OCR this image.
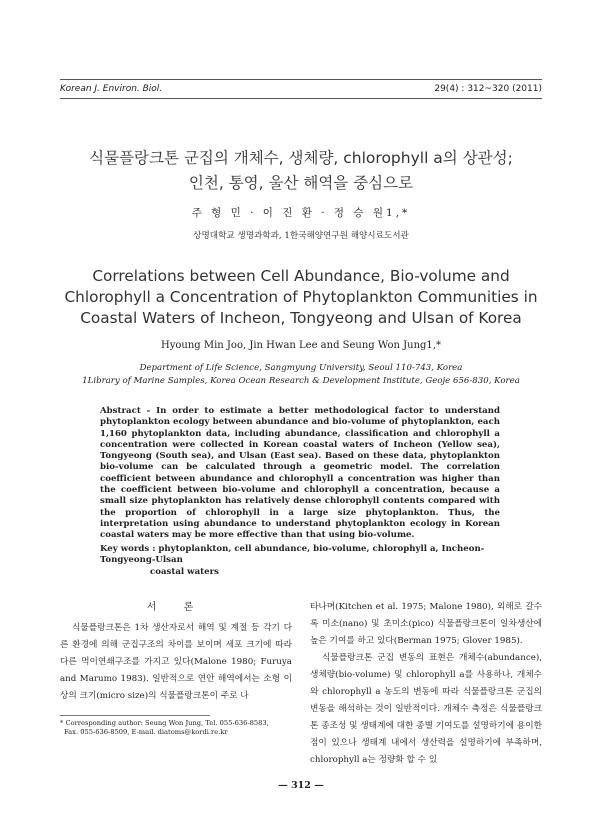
Korean J. Environ. Biol.	29(4) : 312~320 (2011)
식물플랑크톤 군집의 개체수, 생체량, chlorophyll a의 상관성;
인천, 통영, 울산 해역을 중심으로
주 형 민 · 이 진 환 · 정 승 원1,*
상명대학교 생명과학과, 1한국해양연구원 해양시료도서관
Correlations between Cell Abundance, Bio-volume and
Chlorophyll a Concentration of Phytoplankton Communities in
Coastal Waters of Incheon, Tongyeong and Ulsan of Korea
Hyoung Min Joo, Jin Hwan Lee and Seung Won Jung1,*
Department of Life Science, Sangmyung University, Seoul 110-743, Korea
1Library of Marine Samples, Korea Ocean Research & Development Institute, Geoje 656-830, Korea
Abstract - In order to estimate a better methodological factor to understand phytoplankton ecology between abundance and bio-volume of phytoplankton, each 1,160 phytoplankton data, including abundance, classification and chlorophyll a concentration were collected in Korean coastal waters of Incheon (Yellow sea), Tongyeong (South sea), and Ulsan (East sea). Based on these data, phytoplankton bio-volume can be calculated through a geometric model. The correlation coefficient between abundance and chlorophyll a concentration was higher than the coefficient between bio-volume and chlorophyll a concentration, because a small size phytoplankton has relatively dense chlorophyll contents compared with the proportion of chlorophyll in a large size phytoplankton. Thus, the interpretation using abundance to understand phytoplankton ecology in Korean coastal waters may be more effective than that using bio-volume.
Key words : phytoplankton, cell abundance, bio-volume, chlorophyll a, Incheon-Tongyeong-Ulsan
coastal waters
서 론

식물플랑크톤은 1차 생산자로서 해역 및 계절 등 각기 다른 환경에 의해 군집구조의 차이를 보이며 세포 크기에 따라 다른 먹이연쇄구조를 가지고 있다(Malone 1980; Furuya and Marumo 1983). 일반적으로 연안 해역에서는 소형 이상의 크기(micro size)의 식물플랑크톤이 주로 나

타나며(Kitchen et al. 1975; Malone 1980), 외해로 갈수록 미소(nano) 및 초미소(pico) 식물플랑크톤이 일차생산에 높은 기여를 하고 있다(Berman 1975; Glover 1985).

식물플랑크톤 군집 변동의 표현은 개체수(abundance), 생체량(bio-volume) 및 chlorophyll a를 사용하나, 개체수와 chlorophyll a 농도의 변동에 따라 식물플랑크톤 군집의 변동을 해석하는 것이 일반적이다. 개체수 측정은 식물플랑크톤 종조성 및 생태계에 대한 종별 기여도를 설명하기에 용이한 점이 있으나 생태계 내에서 생산력을 설명하기에 부족하며, chlorophyll a는 정량화 할 수 있

* Corresponding author: Seung Won Jung, Tel. 055-636-8583,
Fax. 055-636-8509, E-mail. diatoms@kordi.re.kr
— 312 —
